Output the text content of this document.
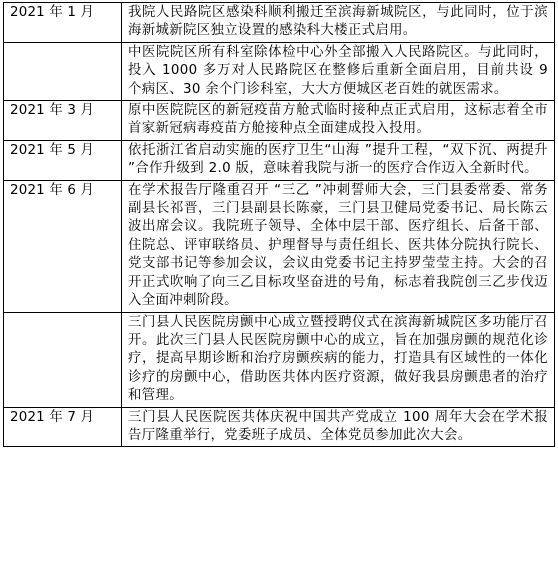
2021 年 1 月	我院人民路院区感染科顺利搬迁至滨海新城院区，与此同时，位于滨海新城新院区独立设置的感染科大楼正式启用。
	中医院院区所有科室除体检中心外全部搬入人民路院区。与此同时，投入 1000 多万对人民路院区在整修后重新全面启用，目前共设 9 个病区、30 余个门诊科室，大大方便城区老百姓的就医需求。
2021 年 3 月	原中医院院区的新冠疫苗方舱式临时接种点正式启用，这标志着全市首家新冠病毒疫苗方舱接种点全面建成投入投用。
2021 年 5 月	依托浙江省启动实施的医疗卫生“山海 ”提升工程，“双下沉、两提升 ”合作升级到 2.0 版，意味着我院与浙一的医疗合作迈入全新时代。
2021 年 6 月	在学术报告厅隆重召开 “三乙 ”冲刺誓师大会，三门县委常委、常务副县长祁晋，三门县副县长陈豪，三门县卫健局党委书记、局长陈云波出席会议。我院班子领导、全体中层干部、医疗组长、后备干部、住院总、评审联络员、护理督导与责任组长、医共体分院执行院长、党支部书记等参加会议，会议由党委书记主持罗莹莹主持。大会的召开正式吹响了向三乙目标攻坚奋进的号角，标志着我院创三乙步伐迈入全面冲刺阶段。
	三门县人民医院房颤中心成立暨授聘仪式在滨海新城院区多功能厅召开。此次三门县人民医院房颤中心的成立，旨在加强房颤的规范化诊疗，提高早期诊断和治疗房颤疾病的能力，打造具有区域性的一体化诊疗的房颤中心，借助医共体内医疗资源，做好我县房颤患者的治疗和管理。
2021 年 7 月	三门县人民医院医共体庆祝中国共产党成立 100 周年大会在学术报告厅隆重举行，党委班子成员、全体党员参加此次大会。
